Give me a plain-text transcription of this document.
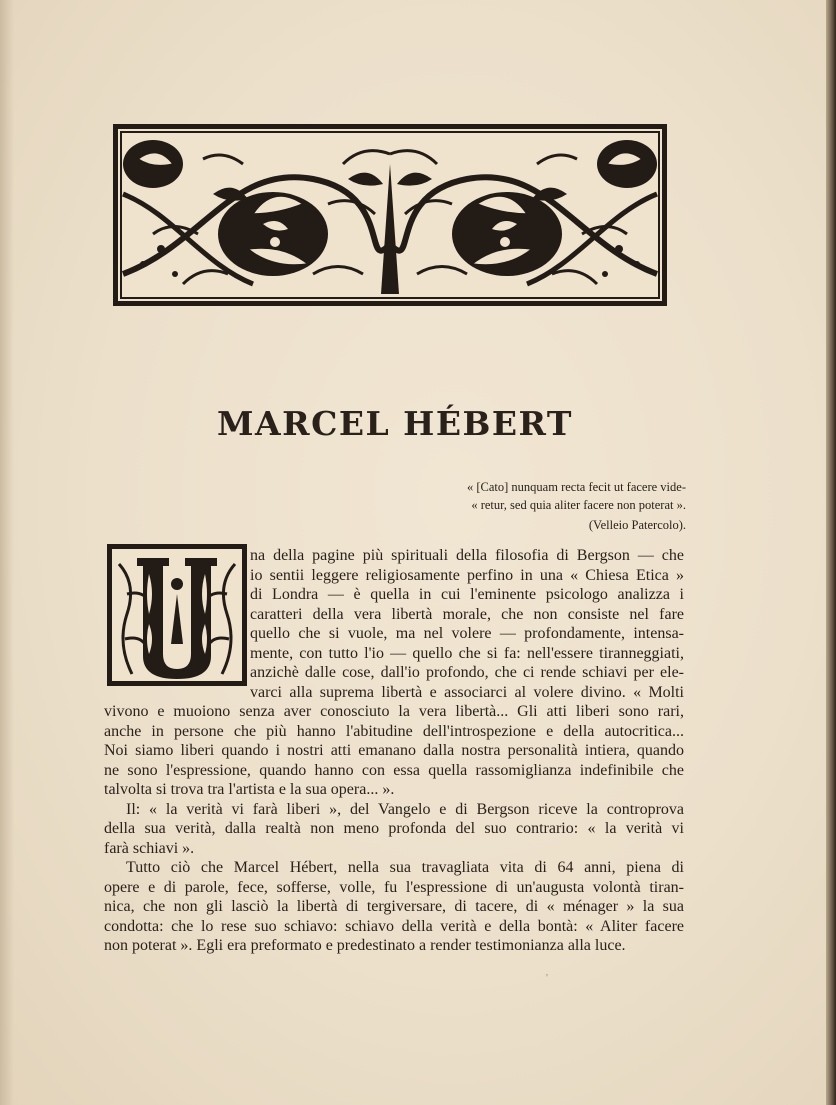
MARCEL HÉBERT
« [Cato] nunquam recta fecit ut facere vide-
« retur, sed quia aliter facere non poterat ».
(Velleio Patercolo).
U
na della pagine più spirituali della filosofia di Bergson — che
io sentii leggere religiosamente perfino in una « Chiesa Etica »
di Londra — è quella in cui l'eminente psicologo analizza i
caratteri della vera libertà morale, che non consiste nel fare
quello che si vuole, ma nel volere — profondamente, intensa-
mente, con tutto l'io — quello che si fa: nell'essere tiranneggiati,
anzichè dalle cose, dall'io profondo, che ci rende schiavi per ele-
varci alla suprema libertà e associarci al volere divino. « Molti
vivono e muoiono senza aver conosciuto la vera libertà... Gli atti liberi sono rari,
anche in persone che più hanno l'abitudine dell'introspezione e della autocritica...
Noi siamo liberi quando i nostri atti emanano dalla nostra personalità intiera, quando
ne sono l'espressione, quando hanno con essa quella rassomiglianza indefinibile che
talvolta si trova tra l'artista e la sua opera... ».
Il: « la verità vi farà liberi », del Vangelo e di Bergson riceve la controprova
della sua verità, dalla realtà non meno profonda del suo contrario: « la verità vi
farà schiavi ».
Tutto ciò che Marcel Hébert, nella sua travagliata vita di 64 anni, piena di
opere e di parole, fece, sofferse, volle, fu l'espressione di un'augusta volontà tiran-
nica, che non gli lasciò la libertà di tergiversare, di tacere, di « ménager » la sua
condotta: che lo rese suo schiavo: schiavo della verità e della bontà: « Aliter facere
non poterat ». Egli era preformato e predestinato a render testimonianza alla luce.
'
